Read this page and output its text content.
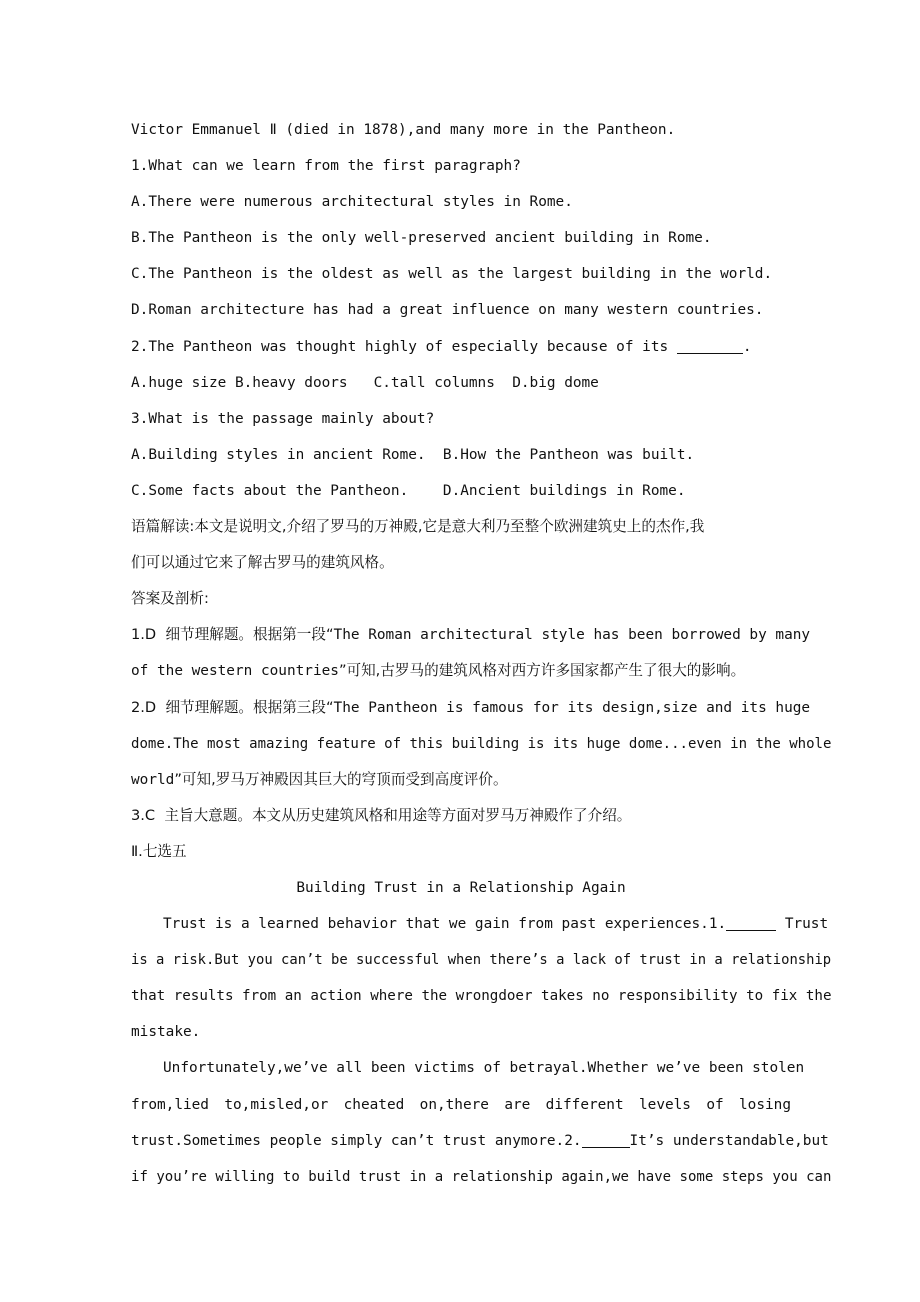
Victor Emmanuel Ⅱ (died in 1878),and many more in the Pantheon.
1.What can we learn from the first paragraph?
A.There were numerous architectural styles in Rome.
B.The Pantheon is the only well-preserved ancient building in Rome.
C.The Pantheon is the oldest as well as the largest building in the world.
D.Roman architecture has had a great influence on many western countries.
2.The Pantheon was thought highly of especially because of its	.
A.huge size B.heavy doors   C.tall columns  D.big dome
3.What is the passage mainly about?
A.Building styles in ancient Rome.  B.How the Pantheon was built.
C.Some facts about the Pantheon.    D.Ancient buildings in Rome.
语篇解读:本文是说明文,介绍了罗马的万神殿,它是意大利乃至整个欧洲建筑史上的杰作,我
们可以通过它来了解古罗马的建筑风格。
答案及剖析:
1.D  细节理解题。根据第一段“The Roman architectural style has been borrowed by many
of the western countries”可知,古罗马的建筑风格对西方许多国家都产生了很大的影响。
2.D  细节理解题。根据第三段“The Pantheon is famous for its design,size and its huge
dome.The most amazing feature of this building is its huge dome...even in the whole
world”可知,罗马万神殿因其巨大的穹顶而受到高度评价。
3.C  主旨大意题。本文从历史建筑风格和用途等方面对罗马万神殿作了介绍。
Ⅱ.七选五
Building Trust in a Relationship Again
Trust is a learned behavior that we gain from past experiences.1.	Trust
is a risk.But you can’t be successful when there’s a lack of trust in a relationship
that results from an action where the wrongdoer takes no responsibility to fix the
mistake.
Unfortunately,we’ve all been victims of betrayal.Whether we’ve been stolen
from,lied to,misled,or cheated on,there are different levels of losing
trust.Sometimes people simply can’t trust anymore.2.	It’s understandable,but
if you’re willing to build trust in a relationship again,we have some steps you can
